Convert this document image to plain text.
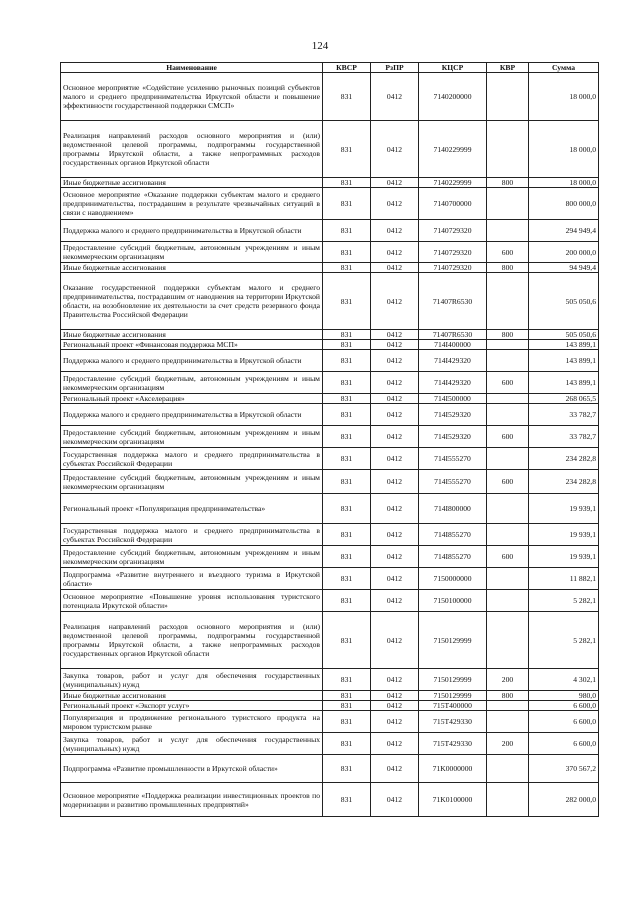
124
Наименование	КВСР	РзПР	КЦСР	КВР	Сумма
Основное мероприятие «Содействие усилению рыночных позиций субъектов малого и среднего предпринимательства Иркутской области и повышение эффективности государственной поддержки СМСП»	831	0412	7140200000		18 000,0
Реализация направлений расходов основного мероприятия и (или) ведомственной целевой программы, подпрограммы государственной программы Иркутской области, а также непрограммных расходов государственных органов Иркутской области	831	0412	7140229999		18 000,0
Иные бюджетные ассигнования	831	0412	7140229999	800	18 000,0
Основное мероприятие «Оказание поддержки субъектам малого и среднего предпринимательства, пострадавшим в результате чрезвычайных ситуаций в связи с наводнением»	831	0412	7140700000		800 000,0
Поддержка малого и среднего предпринимательства в Иркутской области	831	0412	7140729320		294 949,4
Предоставление субсидий бюджетным, автономным учреждениям и иным некоммерческим организациям	831	0412	7140729320	600	200 000,0
Иные бюджетные ассигнования	831	0412	7140729320	800	94 949,4
Оказание государственной поддержки субъектам малого и среднего предпринимательства, пострадавшим от наводнения на территории Иркутской области, на возобновление их деятельности за счет средств резервного фонда Правительства Российской Федерации	831	0412	71407R6530		505 050,6
Иные бюджетные ассигнования	831	0412	71407R6530	800	505 050,6
Региональный проект «Финансовая поддержка МСП»	831	0412	714I400000		143 899,1
Поддержка малого и среднего предпринимательства в Иркутской области	831	0412	714I429320		143 899,1
Предоставление субсидий бюджетным, автономным учреждениям и иным некоммерческим организациям	831	0412	714I429320	600	143 899,1
Региональный проект «Акселерация»	831	0412	714I500000		268 065,5
Поддержка малого и среднего предпринимательства в Иркутской области	831	0412	714I529320		33 782,7
Предоставление субсидий бюджетным, автономным учреждениям и иным некоммерческим организациям	831	0412	714I529320	600	33 782,7
Государственная поддержка малого и среднего предпринимательства в субъектах Российской Федерации	831	0412	714I555270		234 282,8
Предоставление субсидий бюджетным, автономным учреждениям и иным некоммерческим организациям	831	0412	714I555270	600	234 282,8
Региональный проект «Популяризация предпринимательства»	831	0412	714I800000		19 939,1
Государственная поддержка малого и среднего предпринимательства в субъектах Российской Федерации	831	0412	714I855270		19 939,1
Предоставление субсидий бюджетным, автономным учреждениям и иным некоммерческим организациям	831	0412	714I855270	600	19 939,1
Подпрограмма «Развитие внутреннего и въездного туризма в Иркутской области»	831	0412	7150000000		11 882,1
Основное мероприятие «Повышение уровня использования туристского потенциала Иркутской области»	831	0412	7150100000		5 282,1
Реализация направлений расходов основного мероприятия и (или) ведомственной целевой программы, подпрограммы государственной программы Иркутской области, а также непрограммных расходов государственных органов Иркутской области	831	0412	7150129999		5 282,1
Закупка товаров, работ и услуг для обеспечения государственных (муниципальных) нужд	831	0412	7150129999	200	4 302,1
Иные бюджетные ассигнования	831	0412	7150129999	800	980,0
Региональный проект «Экспорт услуг»	831	0412	715T400000		6 600,0
Популяризация и продвижение регионального туристского продукта на мировом туристском рынке	831	0412	715T429330		6 600,0
Закупка товаров, работ и услуг для обеспечения государственных (муниципальных) нужд	831	0412	715T429330	200	6 600,0
Подпрограмма «Развитие промышленности в Иркутской области»	831	0412	71K0000000		370 567,2
Основное мероприятие «Поддержка реализации инвестиционных проектов по модернизации и развитию промышленных предприятий»	831	0412	71K0100000		282 000,0
